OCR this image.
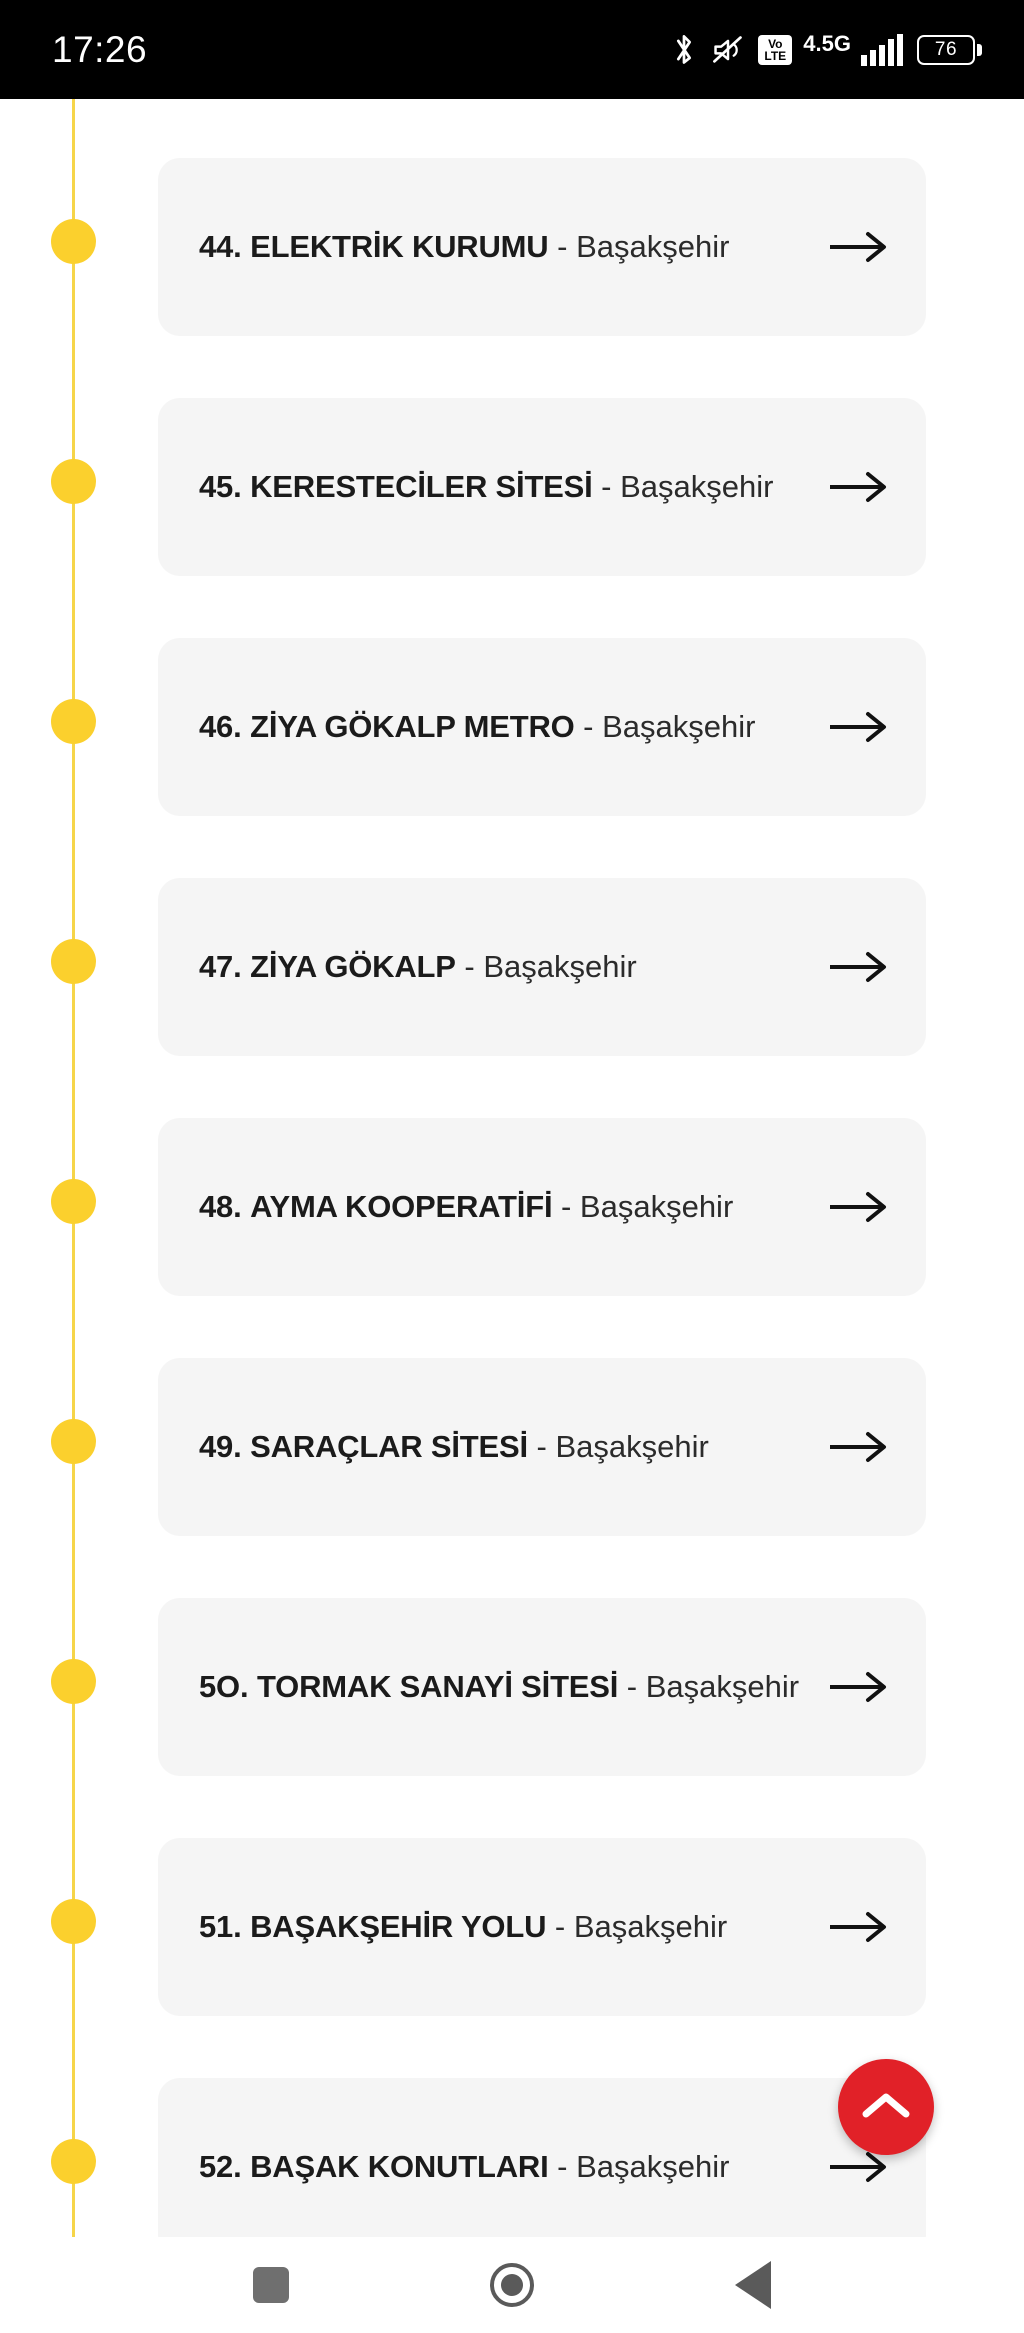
17:26	Vo
LTE 4.5G	76
44. ELEKTRİK KURUMU - Başakşehir
45. KERESTECİLER SİTESİ - Başakşehir
46. ZİYA GÖKALP METRO - Başakşehir
47. ZİYA GÖKALP - Başakşehir
48. AYMA KOOPERATİFİ - Başakşehir
49. SARAÇLAR SİTESİ - Başakşehir
5O. TORMAK SANAYİ SİTESİ - Başakşehir
51. BAŞAKŞEHİR YOLU - Başakşehir
52. BAŞAK KONUTLARI - Başakşehir
